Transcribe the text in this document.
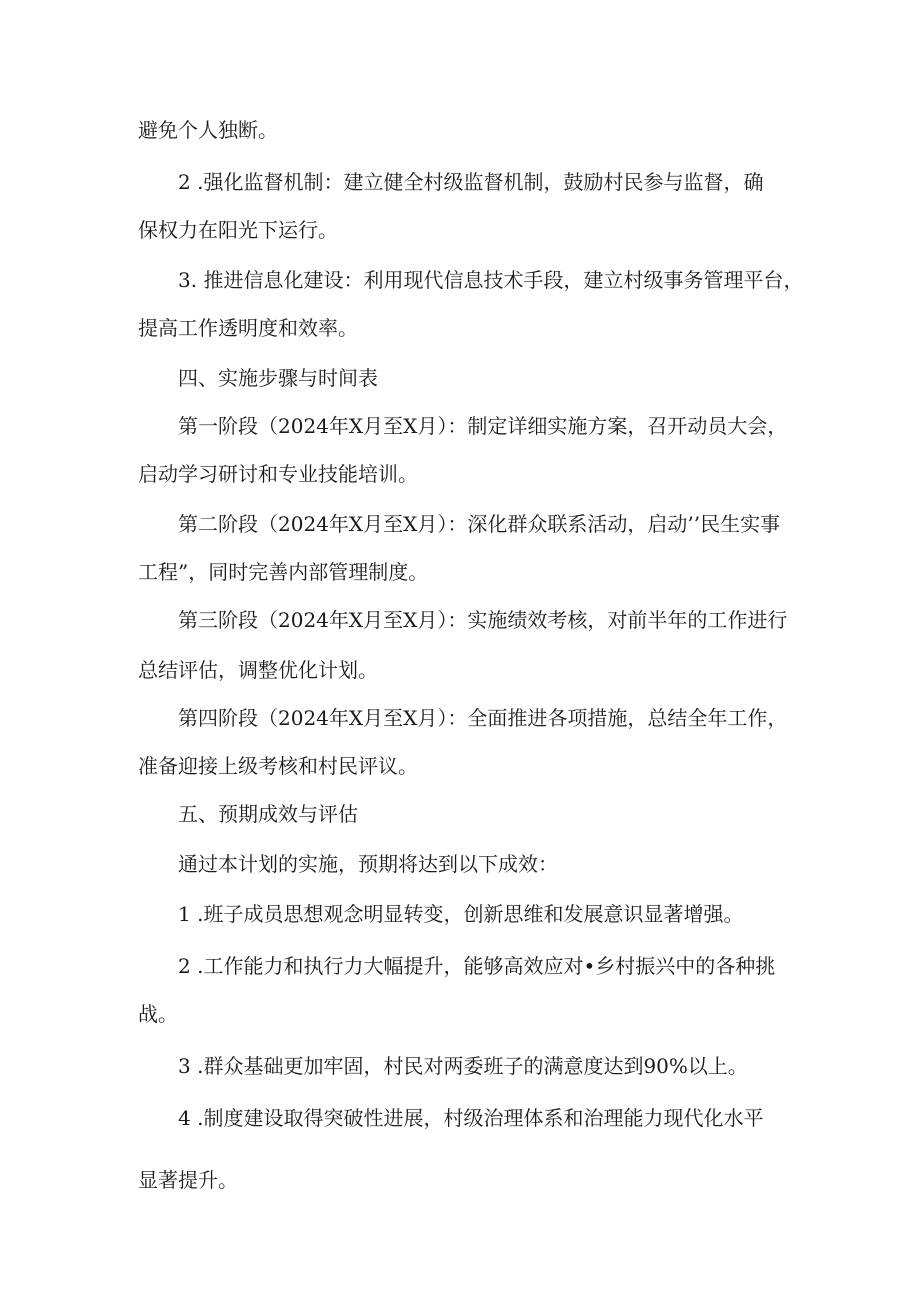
避免个人独断。
2 .强化监督机制：建立健全村级监督机制，鼓励村民参与监督，确
保权力在阳光下运行。
3. 推进信息化建设：利用现代信息技术手段，建立村级事务管理平台，
提高工作透明度和效率。
四、实施步骤与时间表
第一阶段（2024年X月至X月）：制定详细实施方案，召开动员大会，
启动学习研讨和专业技能培训。
第二阶段（2024年X月至X月）：深化群众联系活动，启动’’民生实事
工程”，同时完善内部管理制度。
第三阶段（2024年X月至X月）：实施绩效考核，对前半年的工作进行
总结评估，调整优化计划。
第四阶段（2024年X月至X月）：全面推进各项措施，总结全年工作，
准备迎接上级考核和村民评议。
五、预期成效与评估
通过本计划的实施，预期将达到以下成效：
1 .班子成员思想观念明显转变，创新思维和发展意识显著增强。
2 .工作能力和执行力大幅提升，能够高效应对•乡村振兴中的各种挑
战。
3 .群众基础更加牢固，村民对两委班子的满意度达到90%以上。
4 .制度建设取得突破性进展，村级治理体系和治理能力现代化水平
显著提升。
